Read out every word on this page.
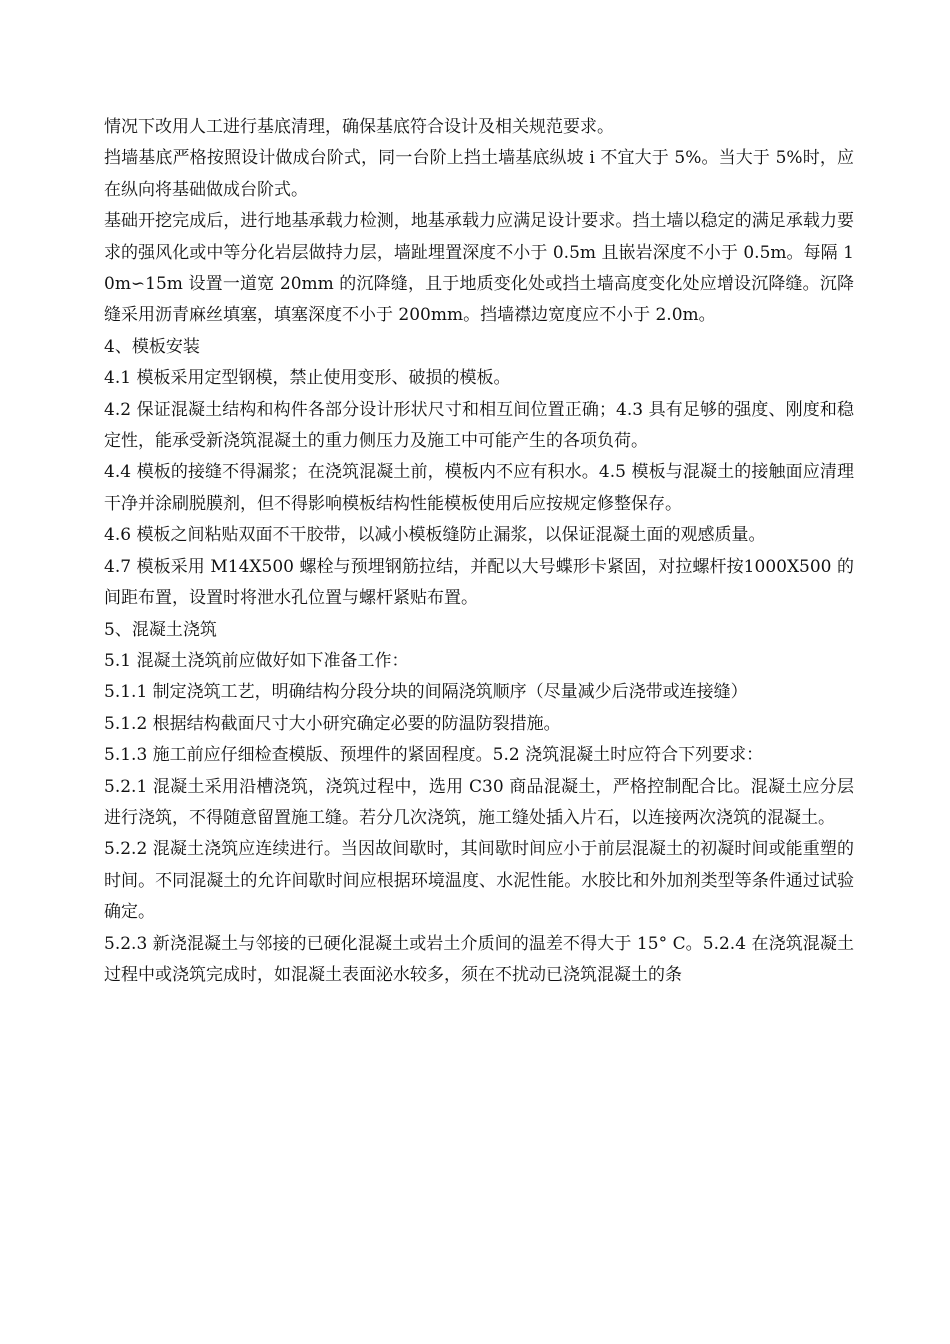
情况下改用人工进行基底清理，确保基底符合设计及相关规范要求。

挡墙基底严格按照设计做成台阶式，同一台阶上挡土墙基底纵坡 i 不宜大于 5%。当大于 5%时，应在纵向将基础做成台阶式。

基础开挖完成后，进行地基承载力检测，地基承载力应满足设计要求。挡土墙以稳定的满足承载力要求的强风化或中等分化岩层做持力层，墙趾埋置深度不小于 0.5m 且嵌岩深度不小于 0.5m。每隔 10m∽15m 设置一道宽 20mm 的沉降缝，且于地质变化处或挡土墙高度变化处应增设沉降缝。沉降缝采用沥青麻丝填塞，填塞深度不小于 200mm。挡墙襟边宽度应不小于 2.0m。

4、模板安装

4.1 模板采用定型钢模，禁止使用变形、破损的模板。

4.2 保证混凝土结构和构件各部分设计形状尺寸和相互间位置正确；4.3 具有足够的强度、刚度和稳定性，能承受新浇筑混凝土的重力侧压力及施工中可能产生的各项负荷。

4.4 模板的接缝不得漏浆；在浇筑混凝土前，模板内不应有积水。4.5 模板与混凝土的接触面应清理干净并涂刷脱膜剂，但不得影响模板结构性能模板使用后应按规定修整保存。

4.6 模板之间粘贴双面不干胶带，以减小模板缝防止漏浆，以保证混凝土面的观感质量。

4.7 模板采用 M14X500 螺栓与预埋钢筋拉结，并配以大号蝶形卡紧固，对拉螺杆按1000X500 的间距布置，设置时将泄水孔位置与螺杆紧贴布置。

5、混凝土浇筑

5.1 混凝土浇筑前应做好如下准备工作：

5.1.1 制定浇筑工艺，明确结构分段分块的间隔浇筑顺序（尽量减少后浇带或连接缝）

5.1.2 根据结构截面尺寸大小研究确定必要的防温防裂措施。

5.1.3 施工前应仔细检查模版、预埋件的紧固程度。5.2 浇筑混凝土时应符合下列要求：

5.2.1 混凝土采用沿槽浇筑，浇筑过程中，选用 C30 商品混凝土，严格控制配合比。混凝土应分层进行浇筑，不得随意留置施工缝。若分几次浇筑，施工缝处插入片石，以连接两次浇筑的混凝土。

5.2.2 混凝土浇筑应连续进行。当因故间歇时，其间歇时间应小于前层混凝土的初凝时间或能重塑的时间。不同混凝土的允许间歇时间应根据环境温度、水泥性能。水胶比和外加剂类型等条件通过试验确定。

5.2.3 新浇混凝土与邻接的已硬化混凝土或岩土介质间的温差不得大于 15° C。5.2.4 在浇筑混凝土过程中或浇筑完成时，如混凝土表面泌水较多，须在不扰动已浇筑混凝土的条
